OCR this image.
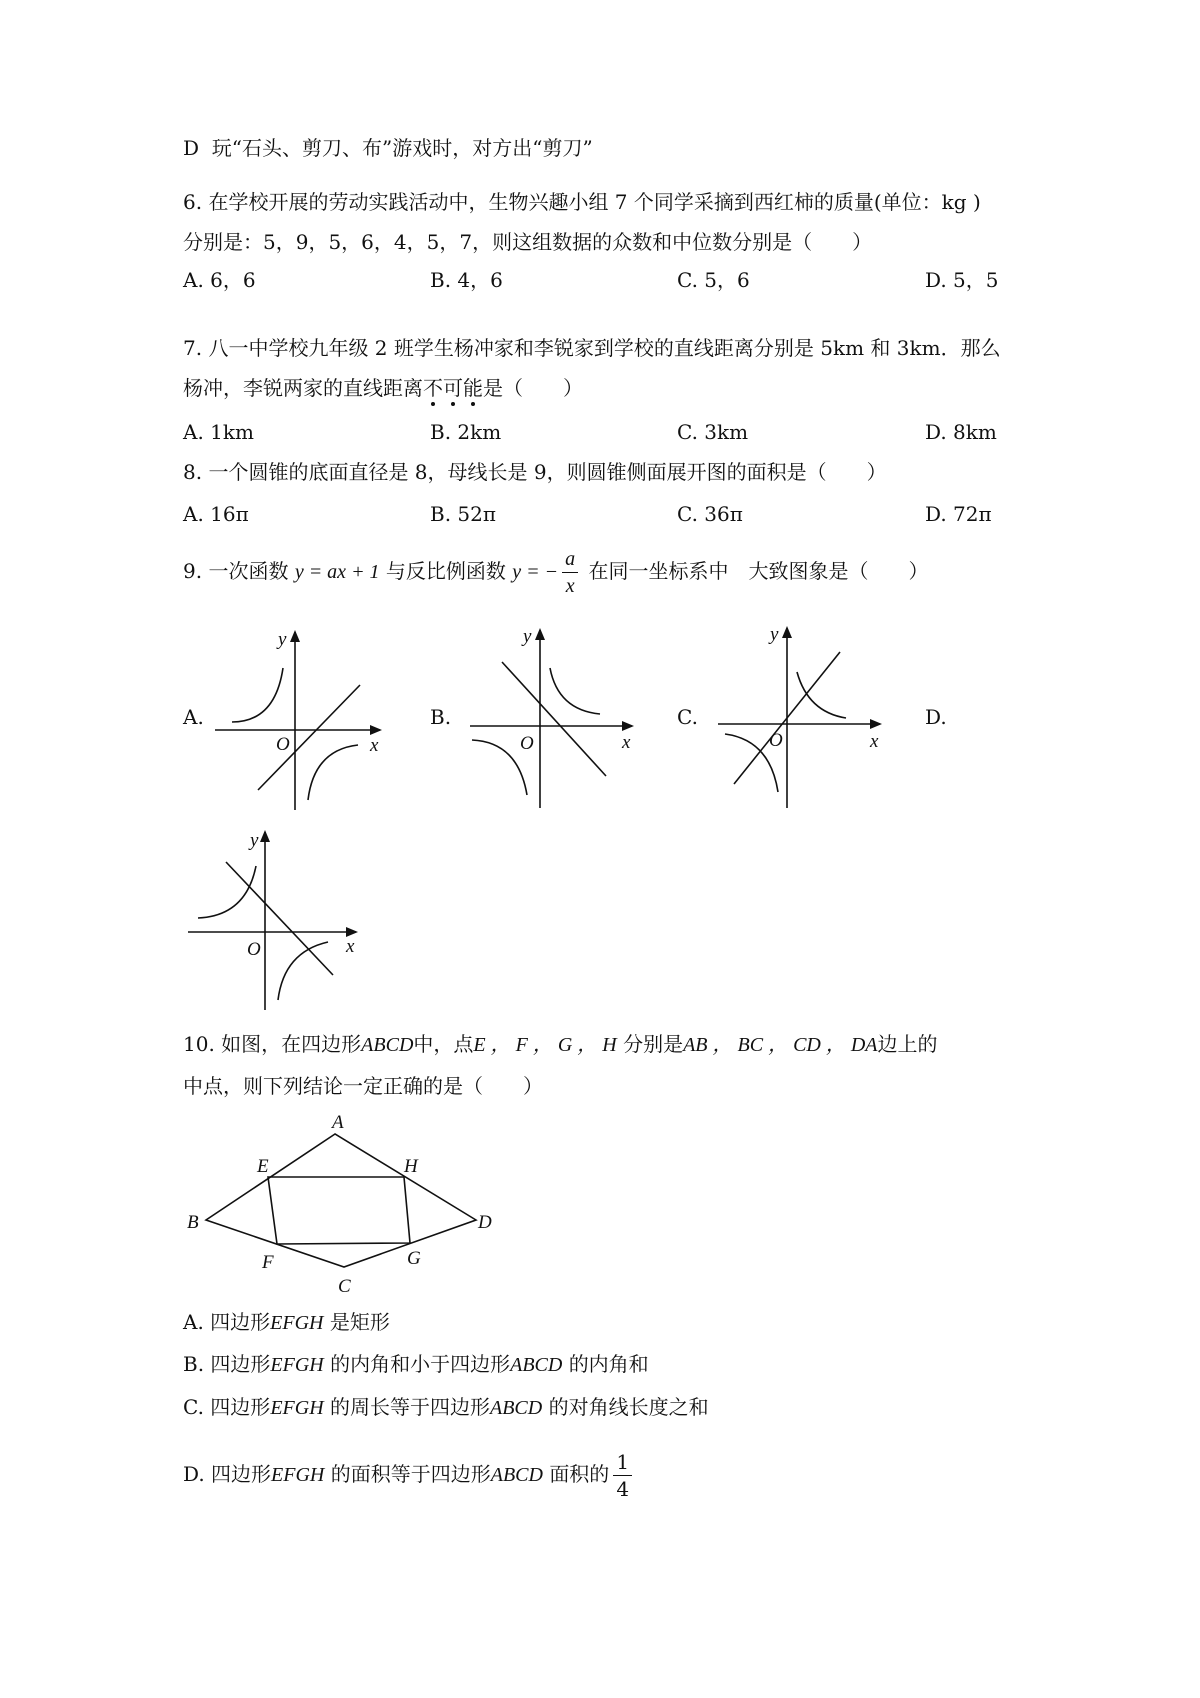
D 玩“石头、剪刀、布”游戏时，对方出“剪刀”
6. 在学校开展的劳动实践活动中，生物兴趣小组 7 个同学采摘到西红柿的质量(单位：kg )
分别是：5，9，5，6，4，5，7，则这组数据的众数和中位数分别是（　　）
A. 6，6	B. 4，6	C. 5，6	D. 5，5
7. 八一中学校九年级 2 班学生杨冲家和李锐家到学校的直线距离分别是 5km 和 3km．那么
杨冲，李锐两家的直线距离不可能是（　　）
A. 1km	B. 2km	C. 3km	D. 8km
8. 一个圆锥的底面直径是 8，母线长是 9，则圆锥侧面展开图的面积是（　　）
A. 16π	B. 52π	C. 36π	D. 72π
9. 一次函数 y = ax + 1 与反比例函数 y = − $\frac{a}{x}$ 在同一坐标系中　大致图象是（　　）
A.	B.	C.	D.
O	x
y
O	x
y
O	x
y
O	x
y
A
B
C
D
E
F	G
H
10. 如图，在四边形ABCD中，点E ， F ， G ， H 分别是AB ， BC ， CD ， DA边上的
中点，则下列结论一定正确的是（　　）
A. 四边形EFGH 是矩形
B. 四边形EFGH 的内角和小于四边形ABCD 的内角和
C. 四边形EFGH 的周长等于四边形ABCD 的对角线长度之和
D. 四边形EFGH 的面积等于四边形ABCD 面积的 $\frac{1}{4}$
